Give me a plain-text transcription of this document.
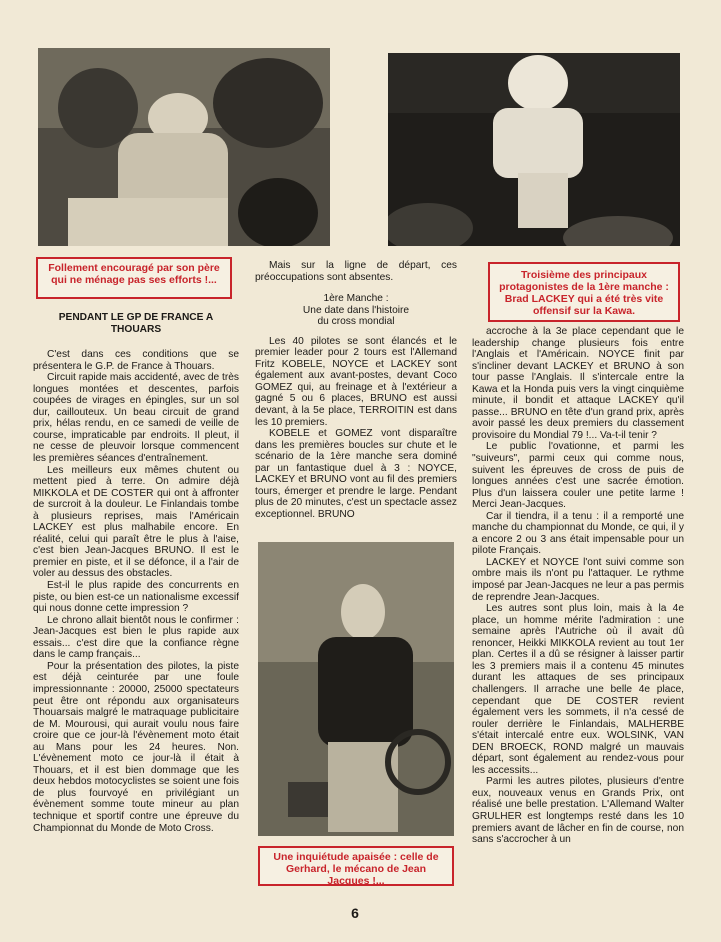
Follement encouragé par son père qui ne ménage pas ses efforts !...	Troisième des principaux protagonistes de la 1ère manche : Brad LACKEY qui a été très vite offensif sur la Kawa.

PENDANT LE GP DE FRANCE A THOUARS

C'est dans ces conditions que se présentera le G.P. de France à Thouars.

Circuit rapide mais accidenté, avec de très longues montées et descentes, parfois coupées de virages en épingles, sur un sol dur, caillouteux. Un beau circuit de grand prix, hélas rendu, en ce samedi de veille de course, impraticable par endroits. Il pleut, il ne cesse de pleuvoir lorsque commencent les premières séances d'entraînement.

Les meilleurs eux mêmes chutent ou mettent pied à terre. On admire déjà MIKKOLA et DE COSTER qui ont à affronter de surcroit à la douleur. Le Finlandais tombe à plusieurs reprises, mais l'Américain LACKEY est plus malhabile encore. En réalité, celui qui paraît être le plus à l'aise, c'est bien Jean-Jacques BRUNO. Il est le premier en piste, et il se défonce, il a l'air de voler au dessus des obstacles.

Est-il le plus rapide des concurrents en piste, ou bien est-ce un nationalisme excessif qui nous donne cette impression ?

Le chrono allait bientôt nous le confirmer : Jean-Jacques est bien le plus rapide aux essais... c'est dire que la confiance règne dans le camp français...

Pour la présentation des pilotes, la piste est déjà ceinturée par une foule impressionnante : 20000, 25000 spectateurs peut être ont répondu aux organisateurs Thouarsais malgré le matraquage publicitaire de M. Mourousi, qui aurait voulu nous faire croire que ce jour-là l'évènement moto était au Mans pour les 24 heures. Non. L'évènement moto ce jour-là il était à Thouars, et il est bien dommage que les deux hebdos motocyclistes se soient une fois de plus fourvoyé en privilégiant un évènement somme toute mineur au plan technique et sportif contre une épreuve du Championnat du Monde de Moto Cross.

Mais sur la ligne de départ, ces préoccupations sont absentes.

1ère Manche :

Une date dans l'histoire

du cross mondial

Les 40 pilotes se sont élancés et le premier leader pour 2 tours est l'Allemand Fritz KOBELE, NOYCE et LACKEY sont également aux avant-postes, devant Coco GOMEZ qui, au freinage et à l'extérieur a gagné 5 ou 6 places, BRUNO est aussi devant, à la 5e place, TERROITIN est dans les 10 premiers.

KOBELE et GOMEZ vont disparaître dans les premières boucles sur chute et le scénario de la 1ère manche sera dominé par un fantastique duel à 3 : NOYCE, LACKEY et BRUNO vont au fil des premiers tours, émerger et prendre le large. Pendant plus de 20 minutes, c'est un spectacle assez exceptionnel. BRUNO

Une inquiétude apaisée : celle de Gerhard, le mécano de Jean Jacques !...

accroche à la 3e place cependant que le leadership change plusieurs fois entre l'Anglais et l'Américain. NOYCE finit par s'incliner devant LACKEY et BRUNO à son tour passe l'Anglais. Il s'intercale entre la Kawa et la Honda puis vers la vingt cinquième minute, il bondit et attaque LACKEY qu'il passe... BRUNO en tête d'un grand prix, après avoir passé les deux premiers du classement provisoire du Mondial 79 !... Va-t-il tenir ?

Le public l'ovationne, et parmi les "suiveurs", parmi ceux qui comme nous, suivent les épreuves de cross de puis de longues années c'est une sacrée émotion. Plus d'un laissera couler une petite larme ! Merci Jean-Jacques.

Car il tiendra, il a tenu : il a remporté une manche du championnat du Monde, ce qui, il y a encore 2 ou 3 ans était impensable pour un pilote Français.

LACKEY et NOYCE l'ont suivi comme son ombre mais ils n'ont pu l'attaquer. Le rythme imposé par Jean-Jacques ne leur a pas permis de reprendre Jean-Jacques.

Les autres sont plus loin, mais à la 4e place, un homme mérite l'admiration : une semaine après l'Autriche où il avait dû renoncer, Heikki MIKKOLA revient au tout 1er plan. Certes il a dû se résigner à laisser partir les 3 premiers mais il a contenu 45 minutes durant les attaques de ses principaux challengers. Il arrache une belle 4e place, cependant que DE COSTER revient également vers les sommets, il n'a cessé de rouler derrière le Finlandais, MALHERBE s'était intercalé entre eux. WOLSINK, VAN DEN BROECK, ROND malgré un mauvais départ, sont également au rendez-vous pour les accessits...

Parmi les autres pilotes, plusieurs d'entre eux, nouveaux venus en Grands Prix, ont réalisé une belle prestation. L'Allemand Walter GRULHER est longtemps resté dans les 10 premiers avant de lâcher en fin de course, non sans s'accrocher à un

6
